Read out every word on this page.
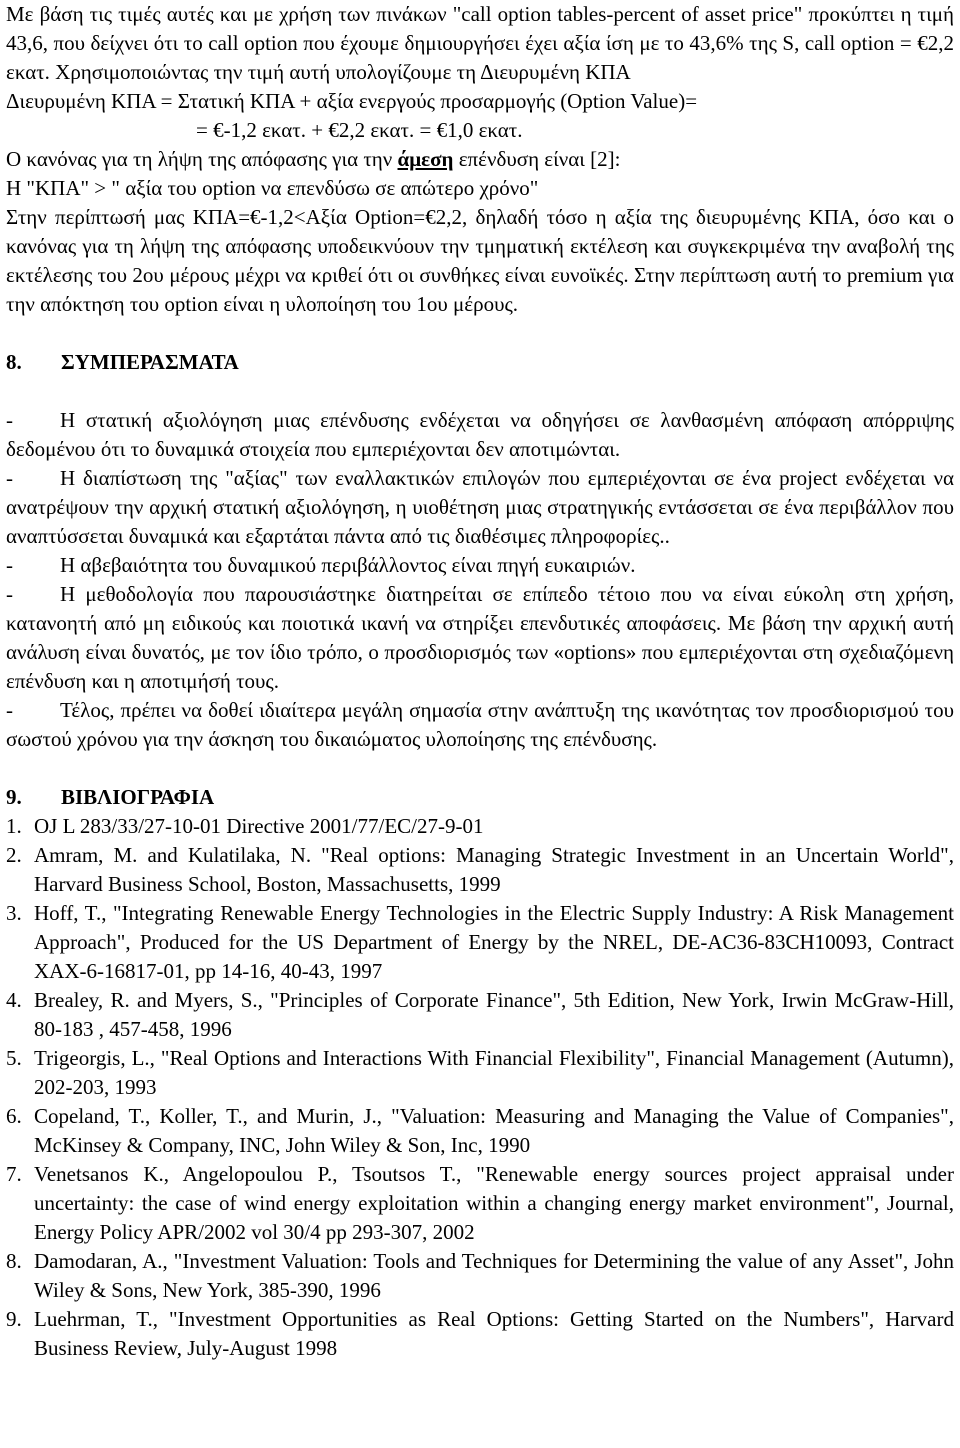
Με βάση τις τιμές αυτές και με χρήση των πινάκων "call option tables-percent of asset price" προκύπτει η τιμή 43,6, που δείχνει ότι το call option που έχουμε δημιουργήσει έχει αξία ίση με το 43,6% της S, call option = €2,2 εκατ. Χρησιμοποιώντας την τιμή αυτή υπολογίζουμε τη Διευρυμένη ΚΠΑ

Διευρυμένη ΚΠΑ = Στατική ΚΠΑ + αξία ενεργούς προσαρμογής (Option Value)=

= €-1,2 εκατ. + €2,2 εκατ. = €1,0 εκατ.

Ο κανόνας για τη λήψη της απόφασης για την άμεση επένδυση είναι [2]:

Η "ΚΠΑ" > " αξία του option να επενδύσω σε απώτερο χρόνο"

Στην περίπτωσή μας ΚΠΑ=€-1,2<Αξία Option=€2,2, δηλαδή τόσο η αξία της διευρυμένης ΚΠΑ, όσο και ο κανόνας για τη λήψη της απόφασης υποδεικνύουν την τμηματική εκτέλεση και συγκεκριμένα την αναβολή της εκτέλεσης του 2ου μέρους μέχρι να κριθεί ότι οι συνθήκες είναι ευνοϊκές. Στην περίπτωση αυτή το premium για την απόκτηση του option είναι η υλοποίηση του 1ου μέρους.

8.	ΣΥΜΠΕΡΑΣΜΑΤΑ

- Η στατική αξιολόγηση μιας επένδυσης ενδέχεται να οδηγήσει σε λανθασμένη απόφαση απόρριψης δεδομένου ότι το δυναμικά στοιχεία που εμπεριέχονται δεν αποτιμώνται.

- Η διαπίστωση της "αξίας" των εναλλακτικών επιλογών που εμπεριέχονται σε ένα project ενδέχεται να ανατρέψουν την αρχική στατική αξιολόγηση, η υιοθέτηση μιας στρατηγικής εντάσσεται σε ένα περιβάλλον που αναπτύσσεται δυναμικά και εξαρτάται πάντα από τις διαθέσιμες πληροφορίες..

- Η αβεβαιότητα του δυναμικού περιβάλλοντος είναι πηγή ευκαιριών.

- Η μεθοδολογία που παρουσιάστηκε διατηρείται σε επίπεδο τέτοιο που να είναι εύκολη στη χρήση, κατανοητή από μη ειδικούς και ποιοτικά ικανή να στηρίξει επενδυτικές αποφάσεις. Με βάση την αρχική αυτή ανάλυση είναι δυνατός, με τον ίδιο τρόπο, ο προσδιορισμός των «options» που εμπεριέχονται στη σχεδιαζόμενη επένδυση και η αποτιμήσή τους.

- Τέλος, πρέπει να δοθεί ιδιαίτερα μεγάλη σημασία στην ανάπτυξη της ικανότητας τον προσδιορισμού του σωστού χρόνου για την άσκηση του δικαιώματος υλοποίησης της επένδυσης.

9.	ΒΙΒΛΙΟΓΡΑΦΙΑ
1. OJ L 283/33/27-10-01 Directive 2001/77/EC/27-9-01
2. Amram, M. and Kulatilaka, N. "Real options: Managing Strategic Investment in an Uncertain World", Harvard Business School, Boston, Massachusetts, 1999
3. Hoff, T., "Integrating Renewable Energy Technologies in the Electric Supply Industry: A Risk Management Approach", Produced for the US Department of Energy by the NREL, DE-AC36-83CH10093, Contract XAX-6-16817-01, pp 14-16, 40-43, 1997
4. Brealey, R. and Myers, S., "Principles of Corporate Finance", 5th Edition, New York, Irwin McGraw-Hill, 80-183 , 457-458, 1996
5. Trigeorgis, L., "Real Options and Interactions With Financial Flexibility", Financial Management (Autumn), 202-203, 1993
6. Copeland, T., Koller, T., and Murin, J., "Valuation: Measuring and Managing the Value of Companies", McKinsey & Company, INC, John Wiley & Son, Inc, 1990
7. Venetsanos K., Angelopoulou P., Tsoutsos T., "Renewable energy sources project appraisal under uncertainty: the case of wind energy exploitation within a changing energy market environment", Journal, Energy Policy APR/2002 vol 30/4 pp 293-307, 2002
8. Damodaran, A., "Investment Valuation: Tools and Techniques for Determining the value of any Asset", John Wiley & Sons, New York, 385-390, 1996
9. Luehrman, T., "Investment Opportunities as Real Options: Getting Started on the Numbers", Harvard Business Review, July-August 1998
